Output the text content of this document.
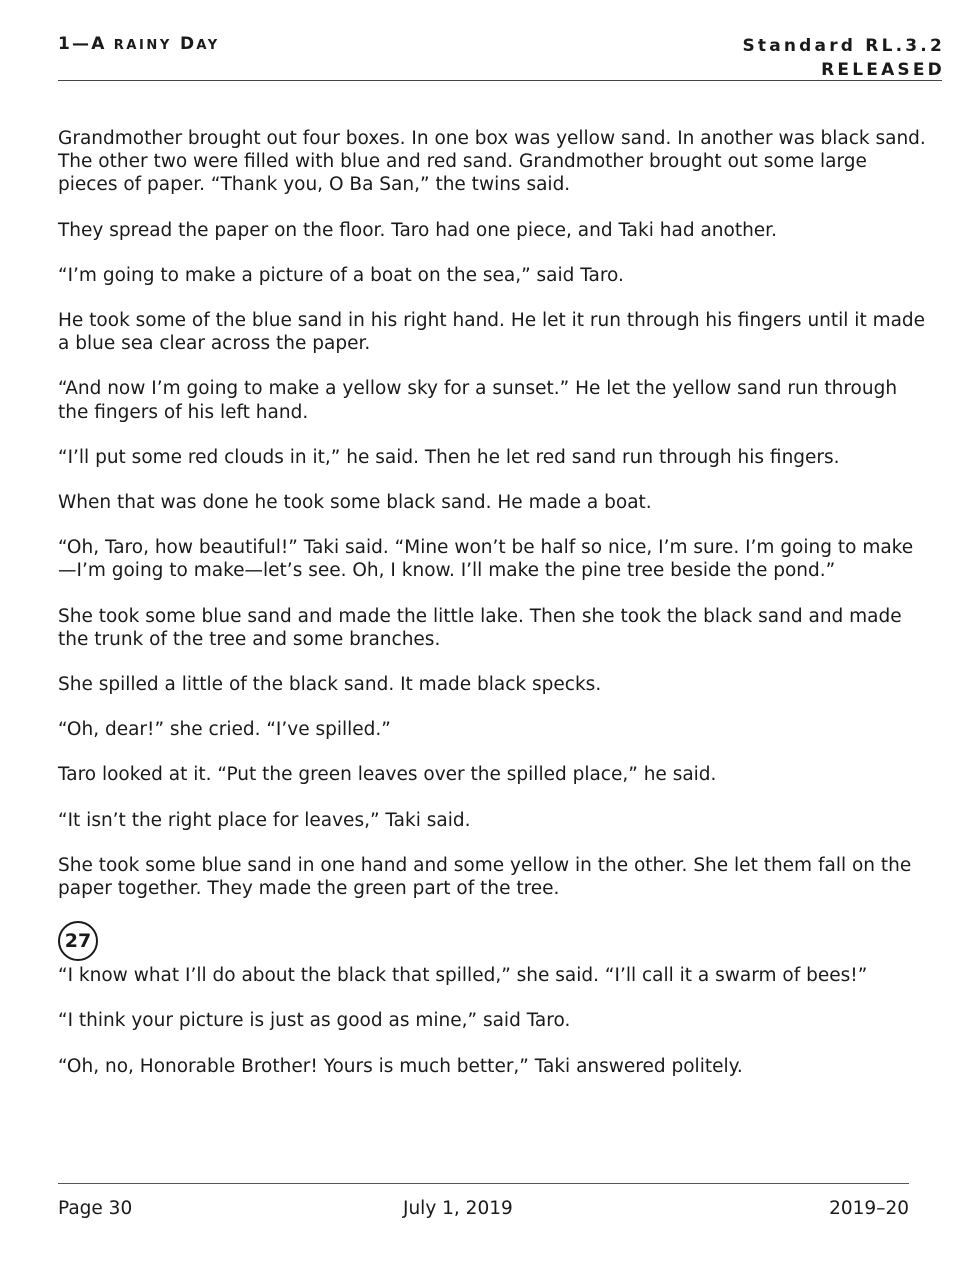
1—A RAINY DAY	Standard RL.3.2
RELEASED

Grandmother brought out four boxes. In one box was yellow sand. In another was black sand. The other two were filled with blue and red sand. Grandmother brought out some large pieces of paper. “Thank you, O Ba San,” the twins said.

They spread the paper on the floor. Taro had one piece, and Taki had another.

“I’m going to make a picture of a boat on the sea,” said Taro.

He took some of the blue sand in his right hand. He let it run through his fingers until it made a blue sea clear across the paper.

“And now I’m going to make a yellow sky for a sunset.” He let the yellow sand run through the fingers of his left hand.

“I’ll put some red clouds in it,” he said. Then he let red sand run through his fingers.

When that was done he took some black sand. He made a boat.

“Oh, Taro, how beautiful!” Taki said. “Mine won’t be half so nice, I’m sure. I’m going to make—I’m going to make—let’s see. Oh, I know. I’ll make the pine tree beside the pond.”

She took some blue sand and made the little lake. Then she took the black sand and made the trunk of the tree and some branches.

She spilled a little of the black sand. It made black specks.

“Oh, dear!” she cried. “I’ve spilled.”

Taro looked at it. “Put the green leaves over the spilled place,” he said.

“It isn’t the right place for leaves,” Taki said.

She took some blue sand in one hand and some yellow in the other. She let them fall on the paper together. They made the green part of the tree.

27

“I know what I’ll do about the black that spilled,” she said. “I’ll call it a swarm of bees!”

“I think your picture is just as good as mine,” said Taro.

“Oh, no, Honorable Brother! Yours is much better,” Taki answered politely.

Page 30	July 1, 2019	2019–20
